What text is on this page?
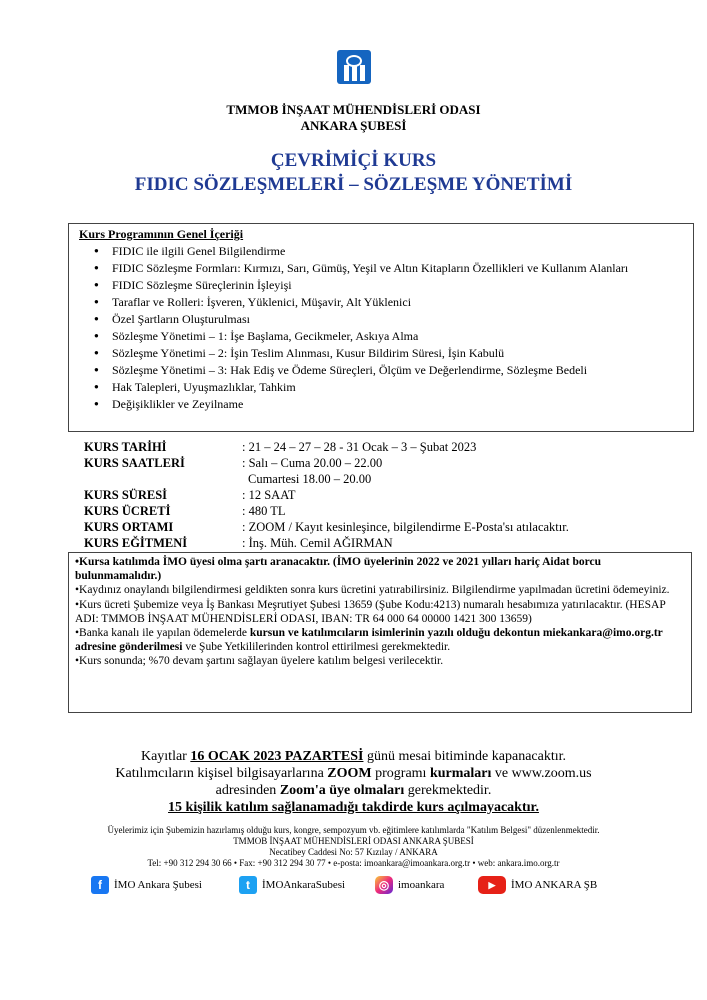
TMMOB İNŞAAT MÜHENDİSLERİ ODASI
ANKARA ŞUBESİ
ÇEVRİMİÇİ KURS
FIDIC SÖZLEŞMELERİ – SÖZLEŞME YÖNETİMİ
Kurs Programının Genel İçeriği
● FIDIC ile ilgili Genel Bilgilendirme
● FIDIC Sözleşme Formları: Kırmızı, Sarı, Gümüş, Yeşil ve Altın Kitapların Özellikleri ve Kullanım Alanları
● FIDIC Sözleşme Süreçlerinin İşleyişi
● Taraflar ve Rolleri: İşveren, Yüklenici, Müşavir, Alt Yüklenici
● Özel Şartların Oluşturulması
● Sözleşme Yönetimi – 1: İşe Başlama, Gecikmeler, Askıya Alma
● Sözleşme Yönetimi – 2: İşin Teslim Alınması, Kusur Bildirim Süresi, İşin Kabulü
● Sözleşme Yönetimi – 3: Hak Ediş ve Ödeme Süreçleri, Ölçüm ve Değerlendirme, Sözleşme Bedeli
● Hak Talepleri, Uyuşmazlıklar, Tahkim
● Değişiklikler ve Zeyilname
KURS TARİHİ	: 21 – 24 – 27 – 28 - 31 Ocak – 3 – Şubat 2023
KURS SAATLERİ	: Salı – Cuma 20.00 – 22.00
Cumartesi 18.00 – 20.00
KURS SÜRESİ	: 12 SAAT
KURS ÜCRETİ	: 480 TL
KURS ORTAMI	: ZOOM / Kayıt kesinleşince, bilgilendirme E-Posta'sı atılacaktır.
KURS EĞİTMENİ	: İnş. Müh. Cemil AĞIRMAN

•Kursa katılımda İMO üyesi olma şartı aranacaktır. (İMO üyelerinin 2022 ve 2021 yılları hariç Aidat borcu bulunmamalıdır.)

•Kaydınız onaylandı bilgilendirmesi geldikten sonra kurs ücretini yatırabilirsiniz. Bilgilendirme yapılmadan ücretini ödemeyiniz.

•Kurs ücreti Şubemize veya İş Bankası Meşrutiyet Şubesi 13659 (Şube Kodu:4213) numaralı hesabımıza yatırılacaktır. (HESAP ADI: TMMOB İNŞAAT MÜHENDİSLERİ ODASI, IBAN: TR 64 000 64 00000 1421 300 13659)

•Banka kanalı ile yapılan ödemelerde kursun ve katılımcıların isimlerinin yazılı olduğu dekontun miekankara@imo.org.tr adresine gönderilmesi ve Şube Yetkililerinden kontrol ettirilmesi gerekmektedir.

•Kurs sonunda; %70 devam şartını sağlayan üyelere katılım belgesi verilecektir.

Kayıtlar 16 OCAK 2023 PAZARTESİ günü mesai bitiminde kapanacaktır.
Katılımcıların kişisel bilgisayarlarına ZOOM programı kurmaları ve www.zoom.us
adresinden Zoom'a üye olmaları gerekmektedir.
15 kişilik katılım sağlanamadığı takdirde kurs açılmayacaktır.
Üyelerimiz için Şubemizin hazırlamış olduğu kurs, kongre, sempozyum vb. eğitimlere katılımlarda "Katılım Belgesi" düzenlenmektedir.
TMMOB İNŞAAT MÜHENDİSLERİ ODASI ANKARA ŞUBESİ
Necatibey Caddesi No: 57 Kızılay / ANKARA
Tel: +90 312 294 30 66 • Fax: +90 312 294 30 77 • e-posta: imoankara@imoankara.org.tr • web: ankara.imo.org.tr
f	İMO Ankara Şubesi	t	İMOAnkaraSubesi	◎ imoankara	▶	İMO ANKARA ŞB
